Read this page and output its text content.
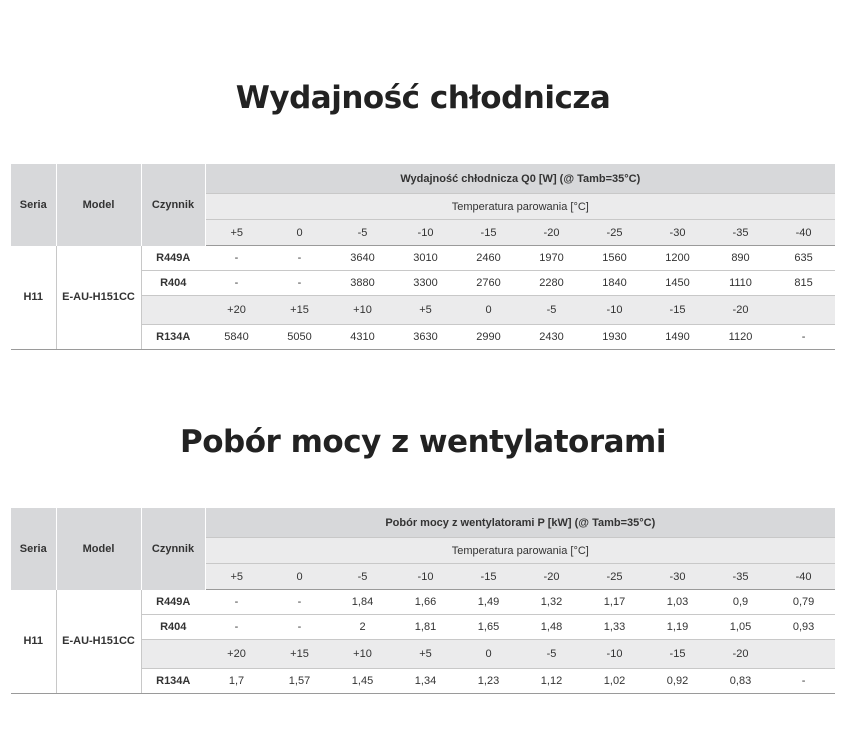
Wydajność chłodnicza
Seria	Model	Czynnik	Wydajność chłodnicza Q0 [W] (@ Tamb=35°C)									
			Temperatura parowania [°C]									
			+5	0	-5	-10	-15	-20	-25	-30	-35	-40
H11	E-AU-H151CC	R449A	-	-	3640	3010	2460	1970	1560	1200	890	635
		R404	-	-	3880	3300	2760	2280	1840	1450	1110	815
			+20	+15	+10	+5	0	-5	-10	-15	-20	
		R134A	5840	5050	4310	3630	2990	2430	1930	1490	1120	-
Pobór mocy z wentylatorami
Seria	Model	Czynnik	Pobór mocy z wentylatorami P [kW] (@ Tamb=35°C)									
			Temperatura parowania [°C]									
			+5	0	-5	-10	-15	-20	-25	-30	-35	-40
H11	E-AU-H151CC	R449A	-	-	1,84	1,66	1,49	1,32	1,17	1,03	0,9	0,79
		R404	-	-	2	1,81	1,65	1,48	1,33	1,19	1,05	0,93
			+20	+15	+10	+5	0	-5	-10	-15	-20	
		R134A	1,7	1,57	1,45	1,34	1,23	1,12	1,02	0,92	0,83	-
